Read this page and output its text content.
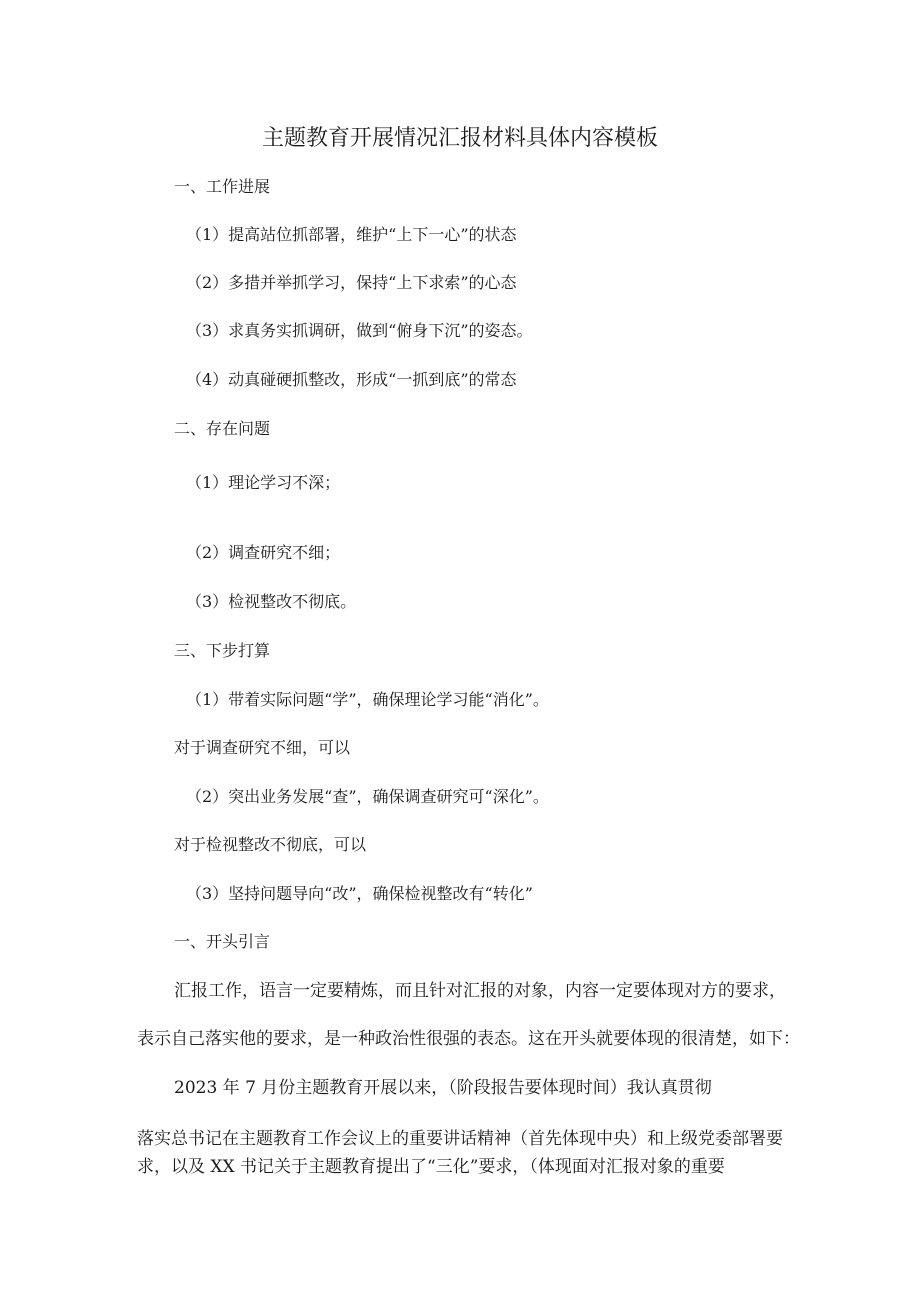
主题教育开展情况汇报材料具体内容模板
一、工作进展
（1）提高站位抓部署，维护“上下一心”的状态
（2）多措并举抓学习，保持“上下求索”的心态
（3）求真务实抓调研，做到“俯身下沉”的姿态。
（4）动真碰硬抓整改，形成“一抓到底”的常态
二、存在问题
（1）理论学习不深；
（2）调查研究不细；
（3）检视整改不彻底。
三、下步打算
（1）带着实际问题“学”，确保理论学习能“消化”。
对于调查研究不细，可以
（2）突出业务发展“查”，确保调查研究可“深化”。
对于检视整改不彻底，可以
（3）坚持问题导向“改”，确保检视整改有“转化”
一、开头引言
汇报工作，语言一定要精炼，而且针对汇报的对象，内容一定要体现对方的要求，
表示自己落实他的要求，是一种政治性很强的表态。这在开头就要体现的很清楚，如下：
2023 年 7 月份主题教育开展以来，（阶段报告要体现时间）我认真贯彻
落实总书记在主题教育工作会议上的重要讲话精神（首先体现中央）和上级党委部署要
求，以及 XX 书记关于主题教育提出了“三化”要求，（体现面对汇报对象的重要
